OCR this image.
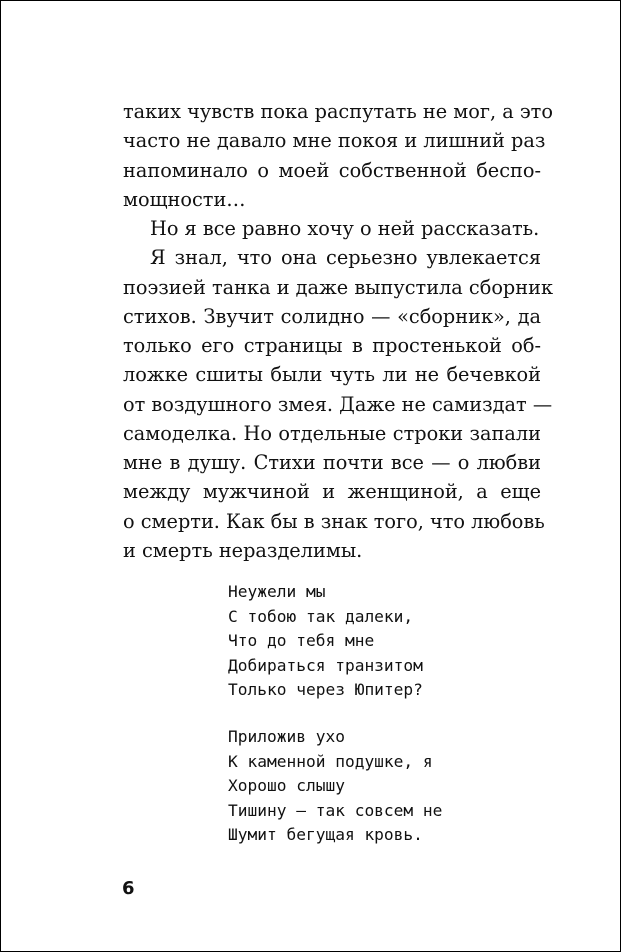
таких чувств пока распутать не мог, а это
часто не давало мне покоя и лишний раз
напоминало о моей собственной беспо-
мощности…
Но я все равно хочу о ней рассказать.
Я знал, что она серьезно увлекается
поэзией танка и даже выпустила сборник
стихов. Звучит солидно — «сборник», да
только его страницы в простенькой об-
ложке сшиты были чуть ли не бечевкой
от воздушного змея. Даже не самиздат —
самоделка. Но отдельные строки запали
мне в душу. Стихи почти все — о любви
между мужчиной и женщиной, а еще
о смерти. Как бы в знак того, что любовь
и смерть неразделимы.
Неужели мы
С тобою так далеки,
Что до тебя мне
Добираться транзитом
Только через Юпитер?
Приложив ухо
К каменной подушке, я
Хорошо слышу
Тишину — так совсем не
Шумит бегущая кровь.
6
